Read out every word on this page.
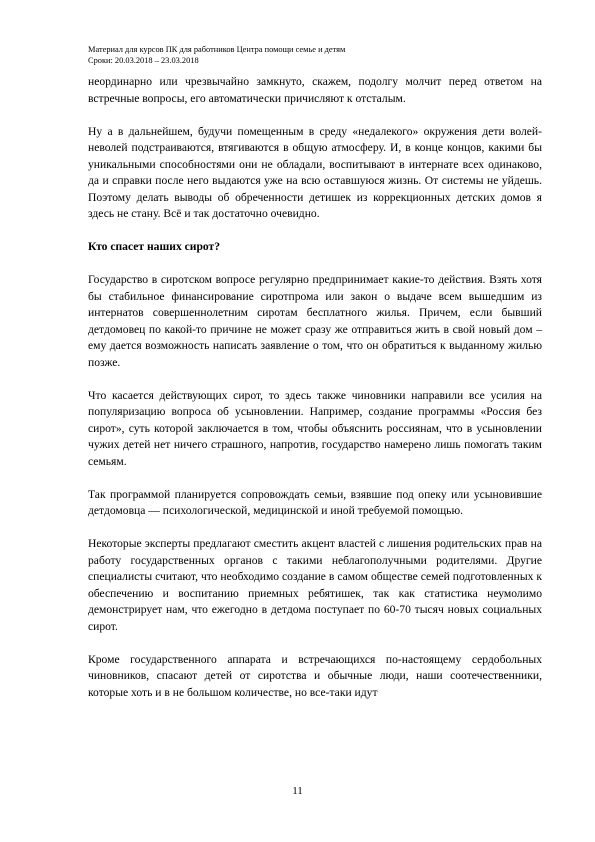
Материал для курсов ПК для работников Центра помощи семье и детям
Сроки: 20.03.2018 – 23.03.2018

неординарно или чрезвычайно замкнуто, скажем, подолгу молчит перед ответом на встречные вопросы, его автоматически причисляют к отсталым.

Ну а в дальнейшем, будучи помещенным в среду «недалекого» окружения дети волей-неволей подстраиваются, втягиваются в общую атмосферу. И, в конце концов, какими бы уникальными способностями они не обладали, воспитывают в интернате всех одинаково, да и справки после него выдаются уже на всю оставшуюся жизнь. От системы не уйдешь. Поэтому делать выводы об обреченности детишек из коррекционных детских домов я здесь не стану. Всё и так достаточно очевидно.

Кто спасет наших сирот?

Государство в сиротском вопросе регулярно предпринимает какие-то действия. Взять хотя бы стабильное финансирование сиротпрома или закон о выдаче всем вышедшим из интернатов совершеннолетним сиротам бесплатного жилья. Причем, если бывший детдомовец по какой-то причине не может сразу же отправиться жить в свой новый дом – ему дается возможность написать заявление о том, что он обратиться к выданному жилью позже.

Что касается действующих сирот, то здесь также чиновники направили все усилия на популяризацию вопроса об усыновлении. Например, создание программы «Россия без сирот», суть которой заключается в том, чтобы объяснить россиянам, что в усыновлении чужих детей нет ничего страшного, напротив, государство намерено лишь помогать таким семьям.

Так программой планируется сопровождать семьи, взявшие под опеку или усыновившие детдомовца — психологической, медицинской и иной требуемой помощью.

Некоторые эксперты предлагают сместить акцент властей с лишения родительских прав на работу государственных органов с такими неблагополучными родителями. Другие специалисты считают, что необходимо создание в самом обществе семей подготовленных к обеспечению и воспитанию приемных ребятишек, так как статистика неумолимо демонстрирует нам, что ежегодно в детдома поступает по 60-70 тысяч новых социальных сирот.

Кроме государственного аппарата и встречающихся по-настоящему сердобольных чиновников, спасают детей от сиротства и обычные люди, наши соотечественники, которые хоть и в не большом количестве, но все-таки идут

11
